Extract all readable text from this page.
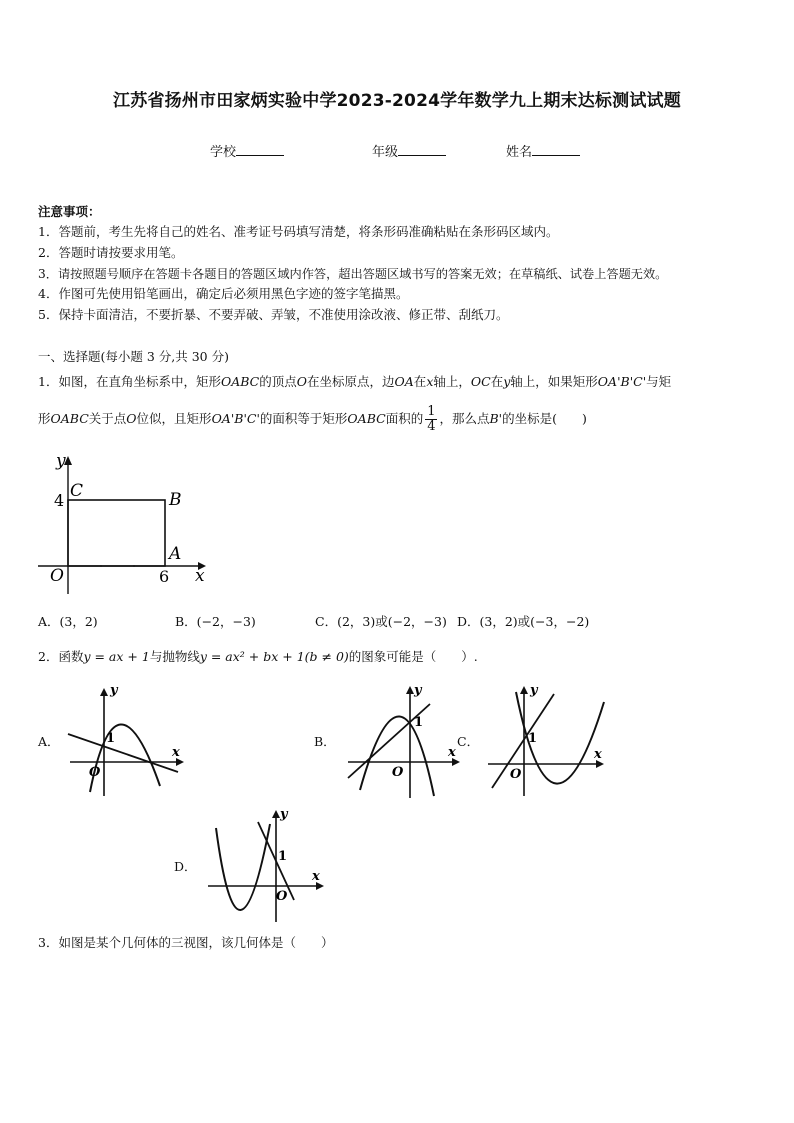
江苏省扬州市田家炳实验中学2023-2024学年数学九上期末达标测试试题
学校	年级	姓名
注意事项：
1．答题前，考生先将自己的姓名、准考证号码填写清楚，将条形码准确粘贴在条形码区域内。
2．答题时请按要求用笔。
3．请按照题号顺序在答题卡各题目的答题区域内作答，超出答题区域书写的答案无效；在草稿纸、试卷上答题无效。
4．作图可先使用铅笔画出，确定后必须用黑色字迹的签字笔描黑。
5．保持卡面清洁，不要折暴、不要弄破、弄皱，不准使用涂改液、修正带、刮纸刀。
一、选择题(每小题 3 分,共 30 分)
1．如图，在直角坐标系中，矩形OABC的顶点O在坐标原点，边OA在x轴上，OC在y轴上，如果矩形OA'B'C'与矩
形OABC关于点O位似，且矩形OA'B'C'的面积等于矩形OABC面积的 $\frac{1}{4}$ ，那么点B'的坐标是(　　)
y
x
C	B
A
O
4
6
A．(3，2)	B．(−2，−3)	C．(2，3)或(−2，−3) D．(3，2)或(−3，−2)
2．函数y = ax + 1与抛物线y = ax² + bx + 1(b ≠ 0)的图象可能是（　　）.
A．
y
x
1
O
B．
y
x
1
O
C．
y
x
1
O
D．
y
x
1
O
3．如图是某个几何体的三视图，该几何体是（　　）
